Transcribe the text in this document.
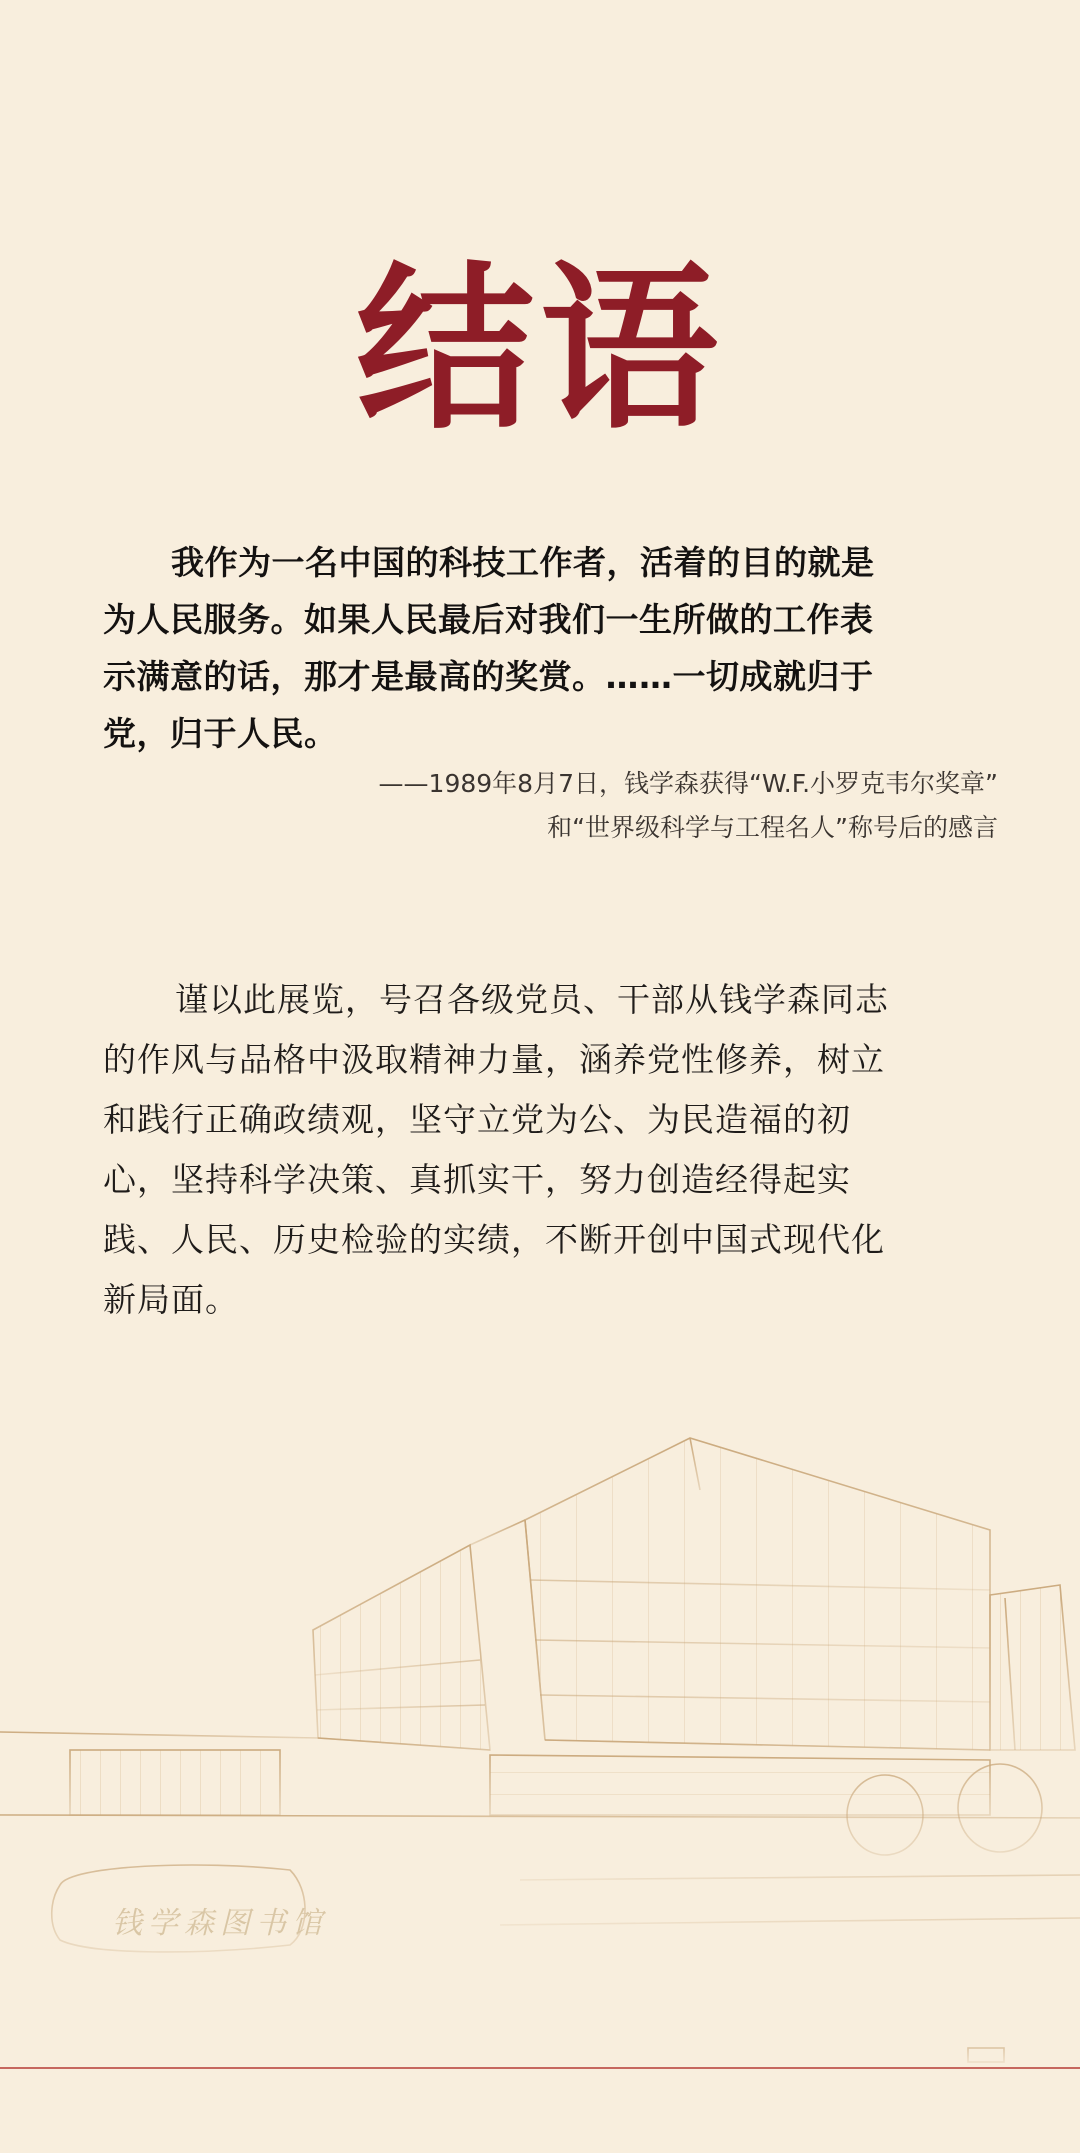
结语

我作为一名中国的科技工作者，活着的目的就是
为人民服务。如果人民最后对我们一生所做的工作表
示满意的话，那才是最高的奖赏。……一切成就归于
党，归于人民。

——1989年8月7日，钱学森获得“W.F.小罗克韦尔奖章”
和“世界级科学与工程名人”称号后的感言

谨以此展览，号召各级党员、干部从钱学森同志
的作风与品格中汲取精神力量，涵养党性修养，树立
和践行正确政绩观，坚守立党为公、为民造福的初
心，坚持科学决策、真抓实干，努力创造经得起实
践、人民、历史检验的实绩，不断开创中国式现代化
新局面。

钱学森图书馆
